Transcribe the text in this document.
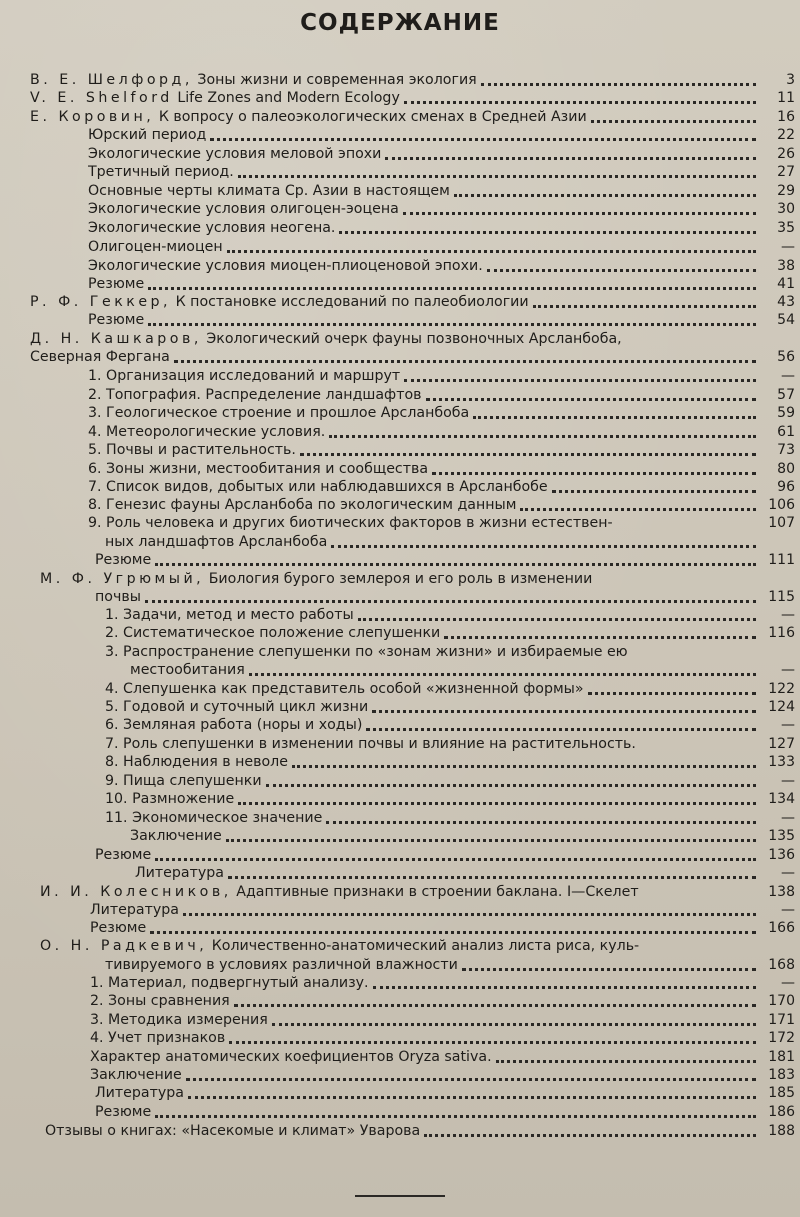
СОДЕРЖАНИЕ
В. Е. Шелфорд, Зоны жизни и современная экология	3
V. E. Shelford Life Zones and Modern Ecology	11
Е. Коровин, К вопросу о палеоэкологических сменах в Средней Азии	16
Юрский период	22
Экологические условия меловой эпохи	26
Третичный период.	27
Основные черты климата Ср. Азии в настоящем	29
Экологические условия олигоцен-эоцена	30
Экологические условия неогена.	35
Олигоцен-миоцен	—
Экологические условия миоцен-плиоценовой эпохи.	38
Резюме	41
Р. Ф. Геккер, К постановке исследований по палеобиологии	43
Резюме	54
Д. Н. Кашкаров, Экологический очерк фауны позвоночных Арсланбоба,
Северная Фергана	56
1. Организация исследований и маршрут	—
2. Топография. Распределение ландшафтов	57
3. Геологическое строение и прошлое Арсланбоба	59
4. Метеорологические условия.	61
5. Почвы и растительность.	73
6. Зоны жизни, местообитания и сообщества	80
7. Список видов, добытых или наблюдавшихся в Арсланбобе	96
8. Генезис фауны Арсланбоба по экологическим данным	106
9. Роль человека и других биотических факторов в жизни естествен-	107
ных ландшафтов Арсланбоба
Резюме	111
М. Ф. Угрюмый, Биология бурого землероя и его роль в изменении
почвы	115
1. Задачи, метод и место работы	—
2. Систематическое положение слепушенки	116
3. Распространение слепушенки по «зонам жизни» и избираемые ею
местообитания	—
4. Слепушенка как представитель особой «жизненной формы»	122
5. Годовой и суточный цикл жизни	124
6. Земляная работа (норы и ходы)	—
7. Роль слепушенки в изменении почвы и влияние на растительность.	127
8. Наблюдения в неволе	133
9. Пища слепушенки	—
10. Размножение	134
11. Экономическое значение	—
Заключение	135
Резюме	136
Литература	—
И. И. Колесников, Адаптивные признаки в строении баклана. I—Скелет	138
Литература	—
Резюме	166
О. Н. Радкевич, Количественно-анатомический анализ листа риса, куль-
тивируемого в условиях различной влажности	168
1. Материал, подвергнутый анализу.	—
2. Зоны сравнения	170
3. Методика измерения	171
4. Учет признаков	172
Характер анатомических коефициентов Oryza sativa.	181
Заключение	183
Литература	185
Резюме	186
Отзывы о книгах: «Насекомые и климат» Уварова	188
